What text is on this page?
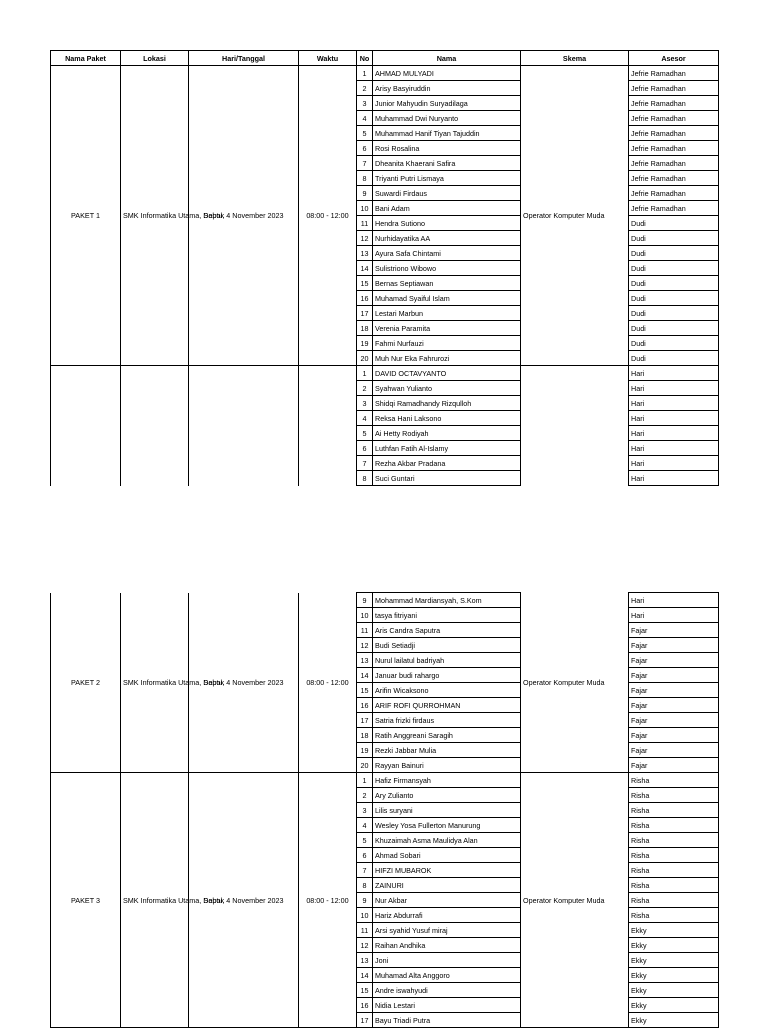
Nama Paket	Lokasi	Hari/Tanggal	Waktu	No	Nama	Skema	Asesor
PAKET 1	SMK Informatika Utama, Depok	Sabtu, 4 November 2023	08:00 - 12:00	1	AHMAD MULYADI	Operator Komputer Muda	Jefrie Ramadhan
				2	Arisy Basyiruddin		Jefrie Ramadhan
				3	Junior Mahyudin Suryadilaga		Jefrie Ramadhan
				4	Muhammad Dwi Nuryanto		Jefrie Ramadhan
				5	Muhammad Hanif Tiyan Tajuddin		Jefrie Ramadhan
				6	Rosi Rosalina		Jefrie Ramadhan
				7	Dheanita Khaerani Safira		Jefrie Ramadhan
				8	Triyanti Putri Lismaya		Jefrie Ramadhan
				9	Suwardi Firdaus		Jefrie Ramadhan
				10	Bani Adam		Jefrie Ramadhan
				11	Hendra Sutiono		Dudi
				12	Nurhidayatika AA		Dudi
				13	Ayura Safa Chintami		Dudi
				14	Sulistriono Wibowo		Dudi
				15	Bernas Septiawan		Dudi
				16	Muhamad Syaiful Islam		Dudi
				17	Lestari Marbun		Dudi
				18	Verenia Paramita		Dudi
				19	Fahmi Nurfauzi		Dudi
				20	Muh Nur Eka Fahrurozi		Dudi
				1	DAVID OCTAVYANTO		Hari
				2	Syahwan Yulianto		Hari
				3	Shidqi Ramadhandy Rizqulloh		Hari
				4	Reksa Hani Laksono		Hari
				5	Ai Hetty Rodiyah		Hari
				6	Luthfan Fatih Al-Islamy		Hari
				7	Rezha Akbar Pradana		Hari
				8	Suci Guntari		Hari
PAKET 2	SMK Informatika Utama, Depok	Sabtu, 4 November 2023	08:00 - 12:00	9	Mohammad Mardiansyah, S.Kom	Operator Komputer Muda	Hari
				10	tasya fitriyani		Hari
				11	Aris Candra Saputra		Fajar
				12	Budi Setiadji		Fajar
				13	Nurul lailatul badriyah		Fajar
				14	Januar budi rahargo		Fajar
				15	Arifin Wicaksono		Fajar
				16	ARIF ROFI QURROHMAN		Fajar
				17	Satria frizki firdaus		Fajar
				18	Ratih Anggreani Saragih		Fajar
				19	Rezki Jabbar Mulia		Fajar
				20	Rayyan Bainuri		Fajar
PAKET 3	SMK Informatika Utama, Depok	Sabtu, 4 November 2023	08:00 - 12:00	1	Hafiz Firmansyah	Operator Komputer Muda	Risha
				2	Ary Zulianto		Risha
				3	Lilis suryani		Risha
				4	Wesley Yosa Fullerton Manurung		Risha
				5	Khuzaimah Asma Maulidya Alan		Risha
				6	Ahmad Sobari		Risha
				7	HIFZI MUBAROK		Risha
				8	ZAINURI		Risha
				9	Nur Akbar		Risha
				10	Hariz Abdurrafi		Risha
				11	Arsi syahid Yusuf miraj		Ekky
				12	Raihan Andhika		Ekky
				13	Joni		Ekky
				14	Muhamad Alta Anggoro		Ekky
				15	Andre iswahyudi		Ekky
				16	Nidia Lestari		Ekky
				17	Bayu Triadi Putra		Ekky
